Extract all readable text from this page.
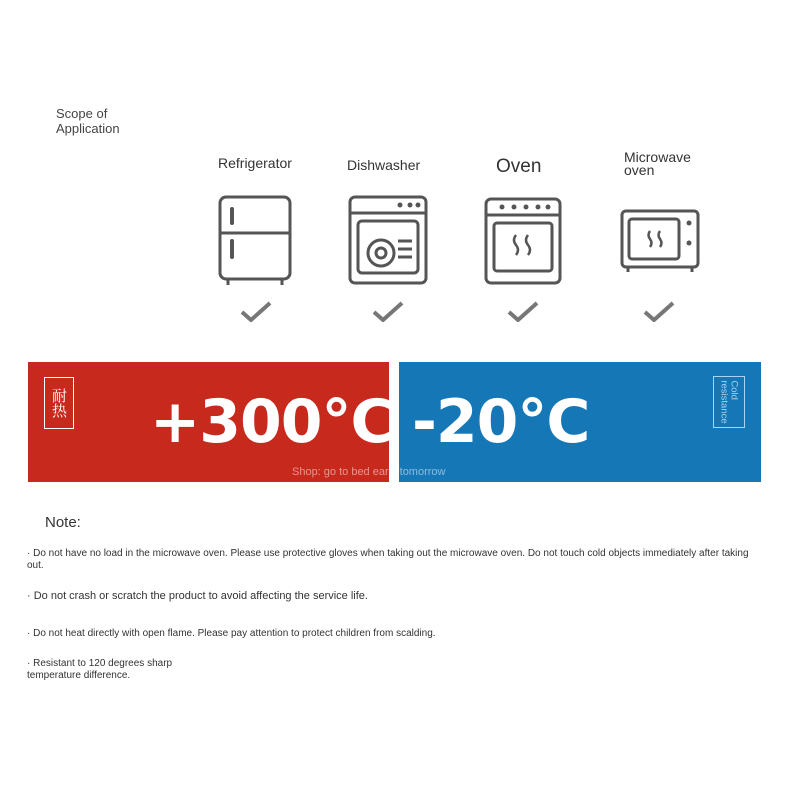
Scope of Application
Refrigerator	Dishwasher	Oven	Microwave oven
耐热 +300°C -20°C	Cold resistance
Shop: go to bed early tomorrow
Note:
· Do not have no load in the microwave oven. Please use protective gloves when taking out the microwave oven. Do not touch cold objects immediately after taking out.
· Do not crash or scratch the product to avoid affecting the service life.
· Do not heat directly with open flame. Please pay attention to protect children from scalding.
· Resistant to 120 degrees sharp temperature difference.
